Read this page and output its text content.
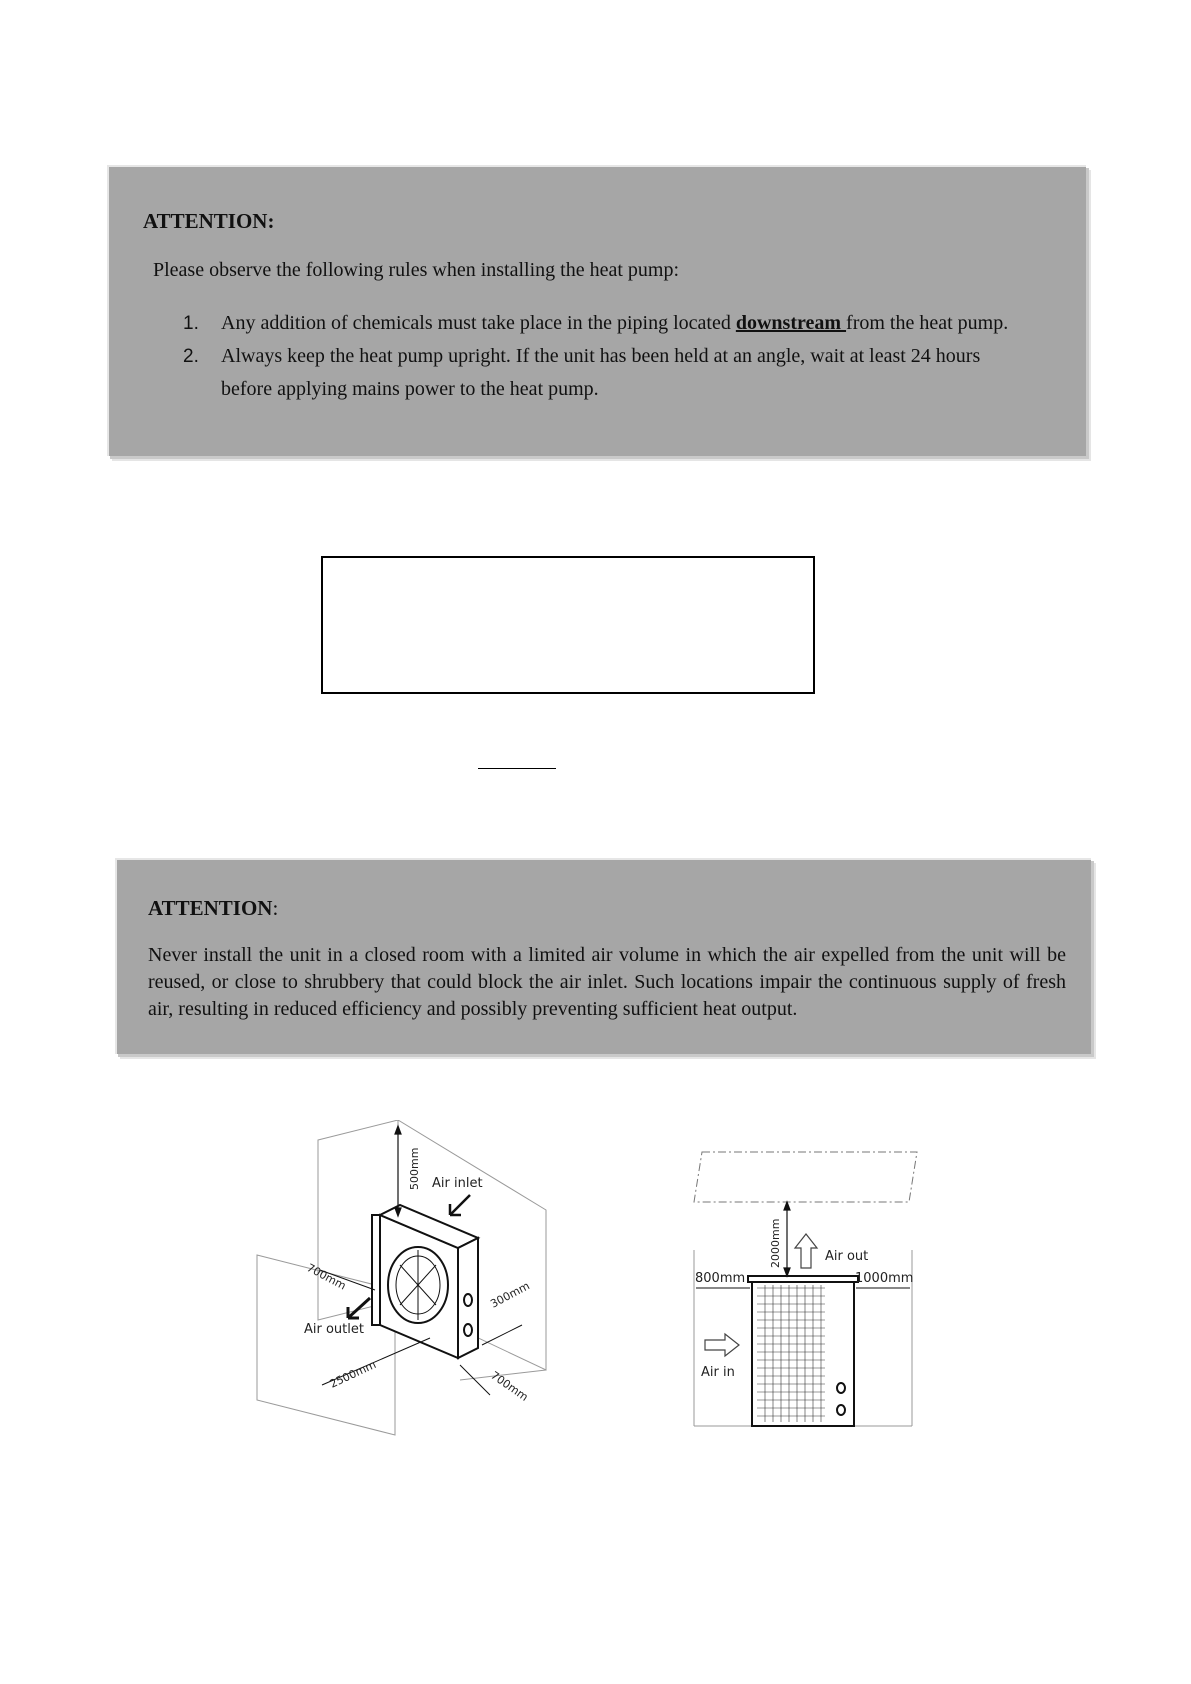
ATTENTION:
Please observe the following rules when installing the heat pump:
1. Any addition of chemicals must take place in the piping located downstream from the heat pump.
2. Always keep the heat pump upright. If the unit has been held at an angle, wait at least 24 hours
before applying mains power to the heat pump.
ATTENTION:
Never install the unit in a closed room with a limited air volume in which the air expelled from the unit will be reused, or close to shrubbery that could block the air inlet. Such locations impair the continuous supply of fresh air, resulting in reduced efficiency and possibly preventing sufficient heat output.
500mm Air inlet
Air outlet
700mm
300mm
700mm
2500mm
2000mm	Air out
800mm	1000mm
Air in
